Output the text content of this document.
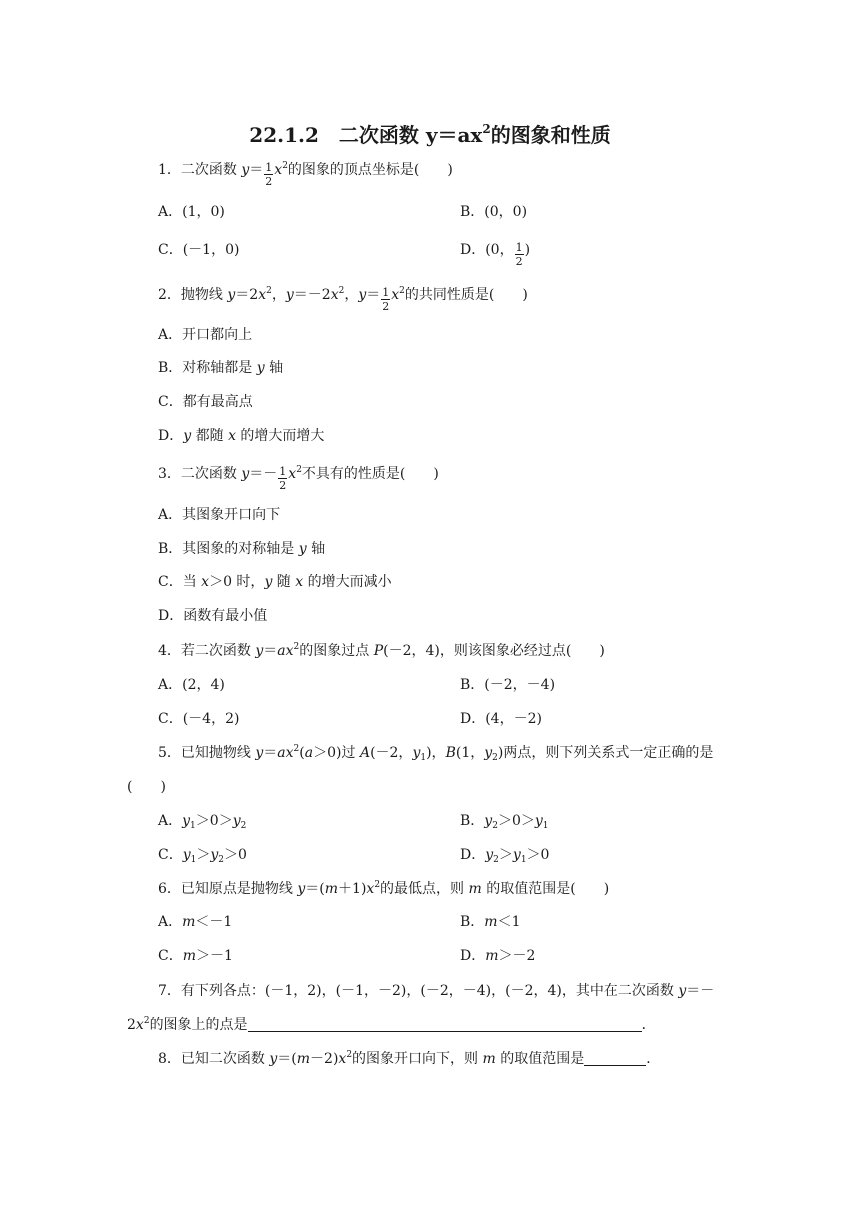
22.1.2　二次函数 $y=ax^2$的图象和性质
1．二次函数 $y= \frac{1}{2} x^2$的图象的顶点坐标是(　　)
A．(1，0)	B．(0，0)
C．(－1，0)	D．(0， $\frac{1}{2}$ )
2．抛物线 $y=2x^2$，$y=-2x^2$，$y= \frac{1}{2} x^2$的共同性质是(　　)
A．开口都向上
B．对称轴都是 y 轴
C．都有最高点
D．y 都随 x 的增大而增大
3．二次函数 $y=- \frac{1}{2} x^2$不具有的性质是(　　)
A．其图象开口向下
B．其图象的对称轴是 y 轴
C．当 x＞0 时，y 随 x 的增大而减小
D．函数有最小值
4．若二次函数 $y=ax^2$的图象过点 P(－2，4)，则该图象必经过点(　　)
A．(2，4)	B．(－2，－4)
C．(－4，2)	D．(4，－2)
5．已知抛物线 $y=ax^2(a>0)$过 A(－2，$y_1$)，B(1，$y_2$)两点，则下列关系式一定正确的是
(　　)
A．$y_1>0>y_2$	B．$y_2>0>y_1$
C．$y_1>y_2>0$	D．$y_2>y_1>0$
6．已知原点是抛物线 $y=(m+1)x^2$的最低点，则 m 的取值范围是(　　)
A．m＜－1	B．m＜1
C．m＞－1	D．m＞－2
7．有下列各点：(－1，2)，(－1，－2)，(－2，－4)，(－2，4)，其中在二次函数 y＝－
$2x^2$的图象上的点是	．
8．已知二次函数 $y=(m-2)x^2$的图象开口向下，则 m 的取值范围是	．
